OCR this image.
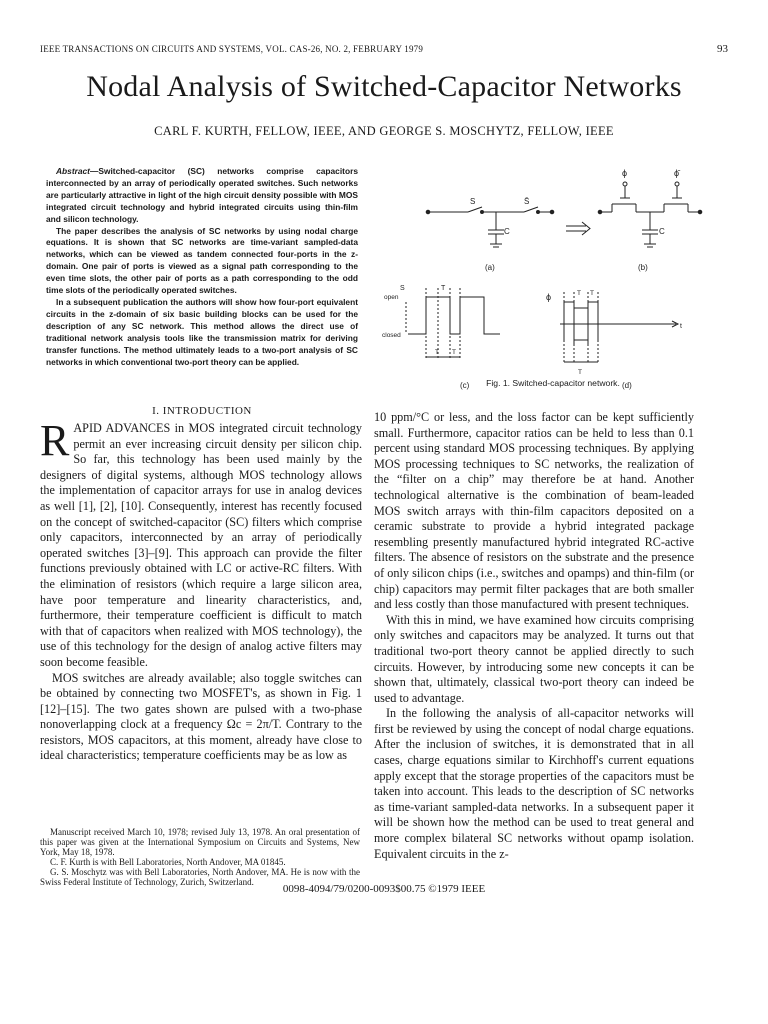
IEEE TRANSACTIONS ON CIRCUITS AND SYSTEMS, VOL. CAS-26, NO. 2, FEBRUARY 1979	93
Nodal Analysis of Switched-Capacitor Networks
CARL F. KURTH, FELLOW, IEEE, AND GEORGE S. MOSCHYTZ, FELLOW, IEEE

Abstract—Switched-capacitor (SC) networks comprise capacitors interconnected by an array of periodically operated switches. Such networks are particularly attractive in light of the high circuit density possible with MOS integrated circuit technology and hybrid integrated circuits using thin-film and silicon technology.

The paper describes the analysis of SC networks by using nodal charge equations. It is shown that SC networks are time-variant sampled-data networks, which can be viewed as tandem connected four-ports in the z-domain. One pair of ports is viewed as a signal path corresponding to the even time slots, the other pair of ports as a path corresponding to the odd time slots of the periodically operated switches.

In a subsequent publication the authors will show how four-port equivalent circuits in the z-domain of six basic building blocks can be used for the description of any SC network. This method allows the direct use of traditional network analysis tools like the transmission matrix for deriving transfer functions. The method ultimately leads to a two-port analysis of SC networks in which conventional two-port theory can be applied.

S	S̄
C
(a)
ϕ	ϕ̄
C
(b)
S	T
open
closed
T T
(c)
ϕ
t
T T
T
(d)
Fig. 1. Switched-capacitor network.
I. INTRODUCTION

RAPID ADVANCES in MOS integrated circuit technology permit an ever increasing circuit density per silicon chip. So far, this technology has been used mainly by the designers of digital systems, although MOS technology allows the implementation of capacitor arrays for use in analog devices as well [1], [2], [10]. Consequently, interest has recently focused on the concept of switched-capacitor (SC) filters which comprise only capacitors, interconnected by an array of periodically operated switches [3]–[9]. This approach can provide the filter functions previously obtained with LC or active-RC filters. With the elimination of resistors (which require a large silicon area, have poor temperature and linearity characteristics, and, furthermore, their temperature coefficient is difficult to match with that of capacitors when realized with MOS technology), the use of this technology for the design of analog active filters may soon become feasible.

MOS switches are already available; also toggle switches can be obtained by connecting two MOSFET's, as shown in Fig. 1 [12]–[15]. The two gates shown are pulsed with a two-phase nonoverlapping clock at a frequency Ωc = 2π/T. Contrary to the resistors, MOS capacitors, at this moment, already have close to ideal characteristics; temperature coefficients may be as low as

10 ppm/°C or less, and the loss factor can be kept sufficiently small. Furthermore, capacitor ratios can be held to less than 0.1 percent using standard MOS processing techniques. By applying MOS processing techniques to SC networks, the realization of the “filter on a chip” may therefore be at hand. Another technological alternative is the combination of beam-leaded MOS switch arrays with thin-film capacitors deposited on a ceramic substrate to provide a hybrid integrated package resembling presently manufactured hybrid integrated RC-active filters. The absence of resistors on the substrate and the presence of only silicon chips (i.e., switches and opamps) and thin-film (or chip) capacitors may permit filter packages that are both smaller and less costly than those manufactured with present techniques.

With this in mind, we have examined how circuits comprising only switches and capacitors may be analyzed. It turns out that traditional two-port theory cannot be applied directly to such circuits. However, by introducing some new concepts it can be shown that, ultimately, classical two-port theory can indeed be used to advantage.

In the following the analysis of all-capacitor networks will first be reviewed by using the concept of nodal charge equations. After the inclusion of switches, it is demonstrated that in all cases, charge equations similar to Kirchhoff's current equations apply except that the storage properties of the capacitors must be taken into account. This leads to the description of SC networks as time-variant sampled-data networks. In a subsequent paper it will be shown how the method can be used to treat general and more complex bilateral SC networks without opamp isolation. Equivalent circuits in the z-

Manuscript received March 10, 1978; revised July 13, 1978. An oral presentation of this paper was given at the International Symposium on Circuits and Systems, New York, May 18, 1978.

C. F. Kurth is with Bell Laboratories, North Andover, MA 01845.

G. S. Moschytz was with Bell Laboratories, North Andover, MA. He is now with the Swiss Federal Institute of Technology, Zurich, Switzerland.

0098-4094/79/0200-0093$00.75 ©1979 IEEE
